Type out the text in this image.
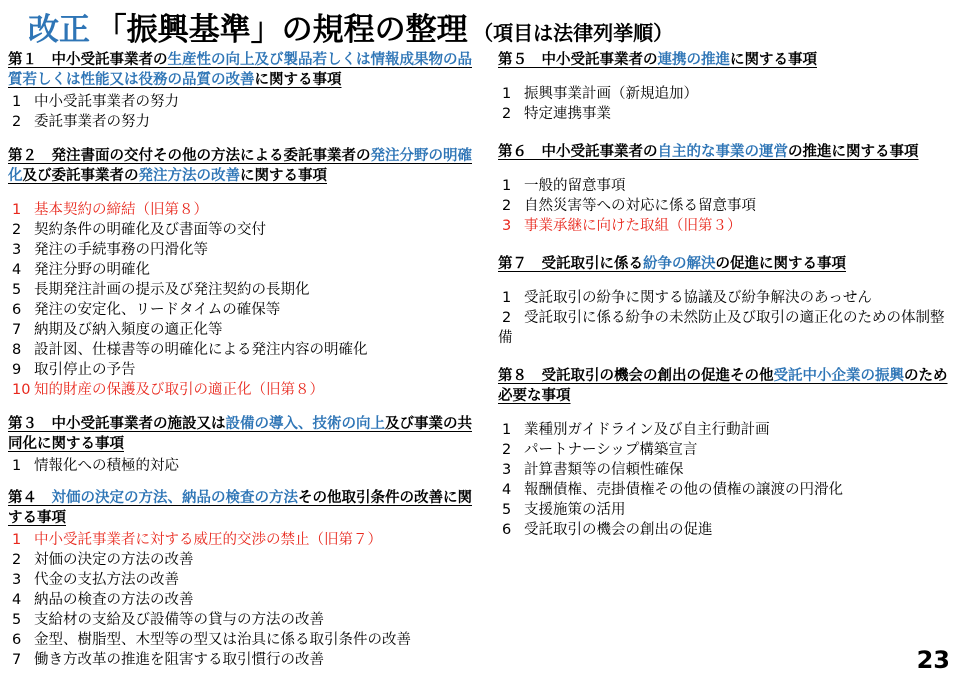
改正 「振興基準」の規程の整理 （項目は法律列挙順）
第１　中小受託事業者の生産性の向上及び製品若しくは情報成果物の品質若しくは性能又は役務の品質の改善に関する事項
1 中小受託事業者の努力
2 委託事業者の努力
第２　発注書面の交付その他の方法による委託事業者の発注分野の明確化及び委託事業者の発注方法の改善に関する事項
1 基本契約の締結（旧第８）
2 契約条件の明確化及び書面等の交付
3 発注の手続事務の円滑化等
4 発注分野の明確化
5 長期発注計画の提示及び発注契約の長期化
6 発注の安定化、リードタイムの確保等
7 納期及び納入頻度の適正化等
8 設計図、仕様書等の明確化による発注内容の明確化
9 取引停止の予告
10 知的財産の保護及び取引の適正化（旧第８）
第３　中小受託事業者の施設又は設備の導入、技術の向上及び事業の共同化に関する事項
1 情報化への積極的対応
第４　対価の決定の方法、納品の検査の方法その他取引条件の改善に関する事項
1 中小受託事業者に対する威圧的交渉の禁止（旧第７）
2 対価の決定の方法の改善
3 代金の支払方法の改善
4 納品の検査の方法の改善
5 支給材の支給及び設備等の貸与の方法の改善
6 金型、樹脂型、木型等の型又は治具に係る取引条件の改善
7 働き方改革の推進を阻害する取引慣行の改善
第５　中小受託事業者の連携の推進に関する事項
1 振興事業計画（新規追加）
2 特定連携事業
第６　中小受託事業者の自主的な事業の運営の推進に関する事項
1 一般的留意事項
2 自然災害等への対応に係る留意事項
3 事業承継に向けた取組（旧第３）
第７　受託取引に係る紛争の解決の促進に関する事項
1 受託取引の紛争に関する協議及び紛争解決のあっせん
2 受託取引に係る紛争の未然防止及び取引の適正化のための体制整備
第８　受託取引の機会の創出の促進その他受託中小企業の振興のため必要な事項
1 業種別ガイドライン及び自主行動計画
2 パートナーシップ構築宣言
3 計算書類等の信頼性確保
4 報酬債権、売掛債権その他の債権の譲渡の円滑化
5 支援施策の活用
6 受託取引の機会の創出の促進
23
